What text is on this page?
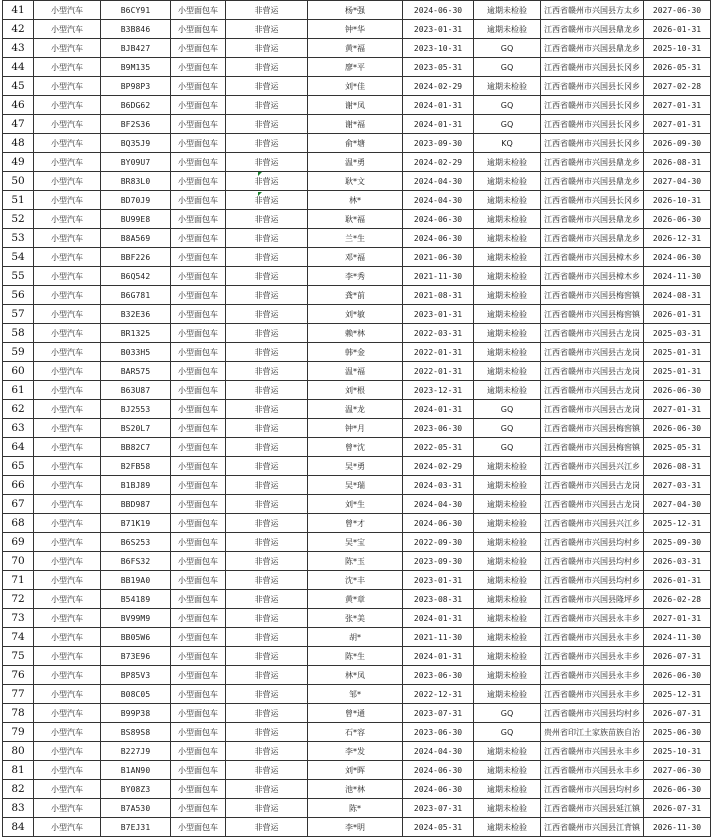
41	小型汽车	B6CY91	小型面包车	非营运	杨*强	2024-06-30	逾期未检验	江西省赣州市兴国县方太乡	2027-06-30
42	小型汽车	B3B846	小型面包车	非营运	钟*华	2023-01-31	逾期未检验	江西省赣州市兴国县鼎龙乡	2026-01-31
43	小型汽车	BJB427	小型面包车	非营运	黄*福	2023-10-31	GQ	江西省赣州市兴国县鼎龙乡	2025-10-31
44	小型汽车	B9M135	小型面包车	非营运	廖*平	2023-05-31	GQ	江西省赣州市兴国县长冈乡	2026-05-31
45	小型汽车	BP98P3	小型面包车	非营运	刘*佳	2024-02-29	逾期未检验	江西省赣州市兴国县长冈乡	2027-02-28
46	小型汽车	B6DG62	小型面包车	非营运	谢*凤	2024-01-31	GQ	江西省赣州市兴国县长冈乡	2027-01-31
47	小型汽车	BF2S36	小型面包车	非营运	谢*福	2024-01-31	GQ	江西省赣州市兴国县长冈乡	2027-01-31
48	小型汽车	BQ35J9	小型面包车	非营运	俞*塘	2023-09-30	KQ	江西省赣州市兴国县长冈乡	2026-09-30
49	小型汽车	BY09U7	小型面包车	非营运	温*勇	2024-02-29	逾期未检验	江西省赣州市兴国县鼎龙乡	2026-08-31
50	小型汽车	BR83L0	小型面包车	非营运	耿*文	2024-04-30	逾期未检验	江西省赣州市兴国县鼎龙乡	2027-04-30
51	小型汽车	BD70J9	小型面包车	非营运	林*	2024-04-30	逾期未检验	江西省赣州市兴国县长冈乡	2026-10-31
52	小型汽车	BU99E8	小型面包车	非营运	耿*福	2024-06-30	逾期未检验	江西省赣州市兴国县鼎龙乡	2026-06-30
53	小型汽车	B8A569	小型面包车	非营运	兰*生	2024-06-30	逾期未检验	江西省赣州市兴国县鼎龙乡	2026-12-31
54	小型汽车	BBF226	小型面包车	非营运	邓*福	2021-06-30	逾期未检验	江西省赣州市兴国县樟木乡	2024-06-30
55	小型汽车	B6Q542	小型面包车	非营运	李*秀	2021-11-30	逾期未检验	江西省赣州市兴国县樟木乡	2024-11-30
56	小型汽车	B6G781	小型面包车	非营运	龚*前	2021-08-31	逾期未检验	江西省赣州市兴国县梅窖镇	2024-08-31
57	小型汽车	B32E36	小型面包车	非营运	刘*敏	2023-01-31	逾期未检验	江西省赣州市兴国县梅窖镇	2026-01-31
58	小型汽车	BR1325	小型面包车	非营运	赖*林	2022-03-31	逾期未检验	江西省赣州市兴国县古龙岗	2025-03-31
59	小型汽车	B033H5	小型面包车	非营运	韩*金	2022-01-31	逾期未检验	江西省赣州市兴国县古龙岗	2025-01-31
60	小型汽车	BAR575	小型面包车	非营运	温*福	2022-01-31	逾期未检验	江西省赣州市兴国县古龙岗	2025-01-31
61	小型汽车	B63U87	小型面包车	非营运	刘*根	2023-12-31	逾期未检验	江西省赣州市兴国县古龙岗	2026-06-30
62	小型汽车	BJ2553	小型面包车	非营运	温*龙	2024-01-31	GQ	江西省赣州市兴国县古龙岗	2027-01-31
63	小型汽车	BS20L7	小型面包车	非营运	钟*月	2023-06-30	GQ	江西省赣州市兴国县梅窖镇	2026-06-30
64	小型汽车	BB82C7	小型面包车	非营运	曾*沈	2022-05-31	GQ	江西省赣州市兴国县梅窖镇	2025-05-31
65	小型汽车	B2FB58	小型面包车	非营运	吴*勇	2024-02-29	逾期未检验	江西省赣州市兴国县兴江乡	2026-08-31
66	小型汽车	B1BJ89	小型面包车	非营运	吴*瑞	2024-03-31	逾期未检验	江西省赣州市兴国县古龙岗	2027-03-31
67	小型汽车	BBD987	小型面包车	非营运	刘*生	2024-04-30	逾期未检验	江西省赣州市兴国县古龙岗	2027-04-30
68	小型汽车	B71K19	小型面包车	非营运	曾*才	2024-06-30	逾期未检验	江西省赣州市兴国县兴江乡	2025-12-31
69	小型汽车	B6S253	小型面包车	非营运	吴*宝	2022-09-30	逾期未检验	江西省赣州市兴国县均村乡	2025-09-30
70	小型汽车	B6FS32	小型面包车	非营运	陈*玉	2023-09-30	逾期未检验	江西省赣州市兴国县均村乡	2026-03-31
71	小型汽车	BB19A0	小型面包车	非营运	沈*丰	2023-01-31	逾期未检验	江西省赣州市兴国县均村乡	2026-01-31
72	小型汽车	B54189	小型面包车	非营运	黄*章	2023-08-31	逾期未检验	江西省赣州市兴国县隆坪乡	2026-02-28
73	小型汽车	BV99M9	小型面包车	非营运	张*美	2024-01-31	逾期未检验	江西省赣州市兴国县永丰乡	2027-01-31
74	小型汽车	BB05W6	小型面包车	非营运	胡*	2021-11-30	逾期未检验	江西省赣州市兴国县永丰乡	2024-11-30
75	小型汽车	B73E96	小型面包车	非营运	陈*生	2024-01-31	逾期未检验	江西省赣州市兴国县永丰乡	2026-07-31
76	小型汽车	BP85V3	小型面包车	非营运	林*凤	2023-06-30	逾期未检验	江西省赣州市兴国县永丰乡	2026-06-30
77	小型汽车	B08C05	小型面包车	非营运	邹*	2022-12-31	逾期未检验	江西省赣州市兴国县永丰乡	2025-12-31
78	小型汽车	B99P38	小型面包车	非营运	曾*通	2023-07-31	GQ	江西省赣州市兴国县均村乡	2026-07-31
79	小型汽车	BS89S8	小型面包车	非营运	石*容	2023-06-30	GQ	贵州省印江土家族苗族自治	2025-06-30
80	小型汽车	B227J9	小型面包车	非营运	李*发	2024-04-30	逾期未检验	江西省赣州市兴国县永丰乡	2025-10-31
81	小型汽车	B1AN90	小型面包车	非营运	刘*晖	2024-06-30	逾期未检验	江西省赣州市兴国县永丰乡	2027-06-30
82	小型汽车	BY08Z3	小型面包车	非营运	池*林	2024-06-30	逾期未检验	江西省赣州市兴国县均村乡	2026-06-30
83	小型汽车	B7A530	小型面包车	非营运	陈*	2023-07-31	逾期未检验	江西省赣州市兴国县延江镇	2026-07-31
84	小型汽车	B7EJ31	小型面包车	非营运	李*明	2024-05-31	逾期未检验	江西省赣州市兴国县江背镇	2026-11-30
